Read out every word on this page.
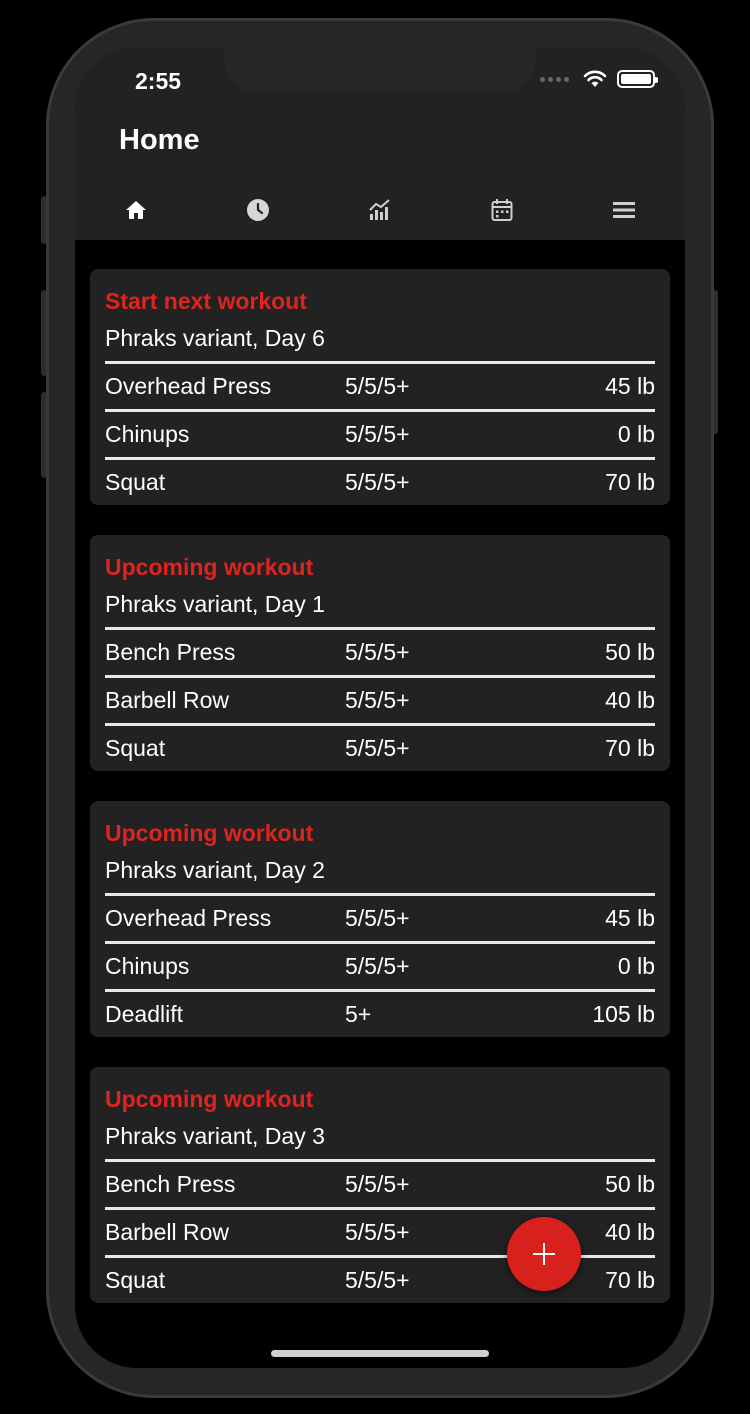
2:55
Home
Start next workout
Phraks variant, Day 6
Overhead Press	5/5/5+	45 lb
Chinups	5/5/5+	0 lb
Squat	5/5/5+	70 lb
Upcoming workout
Phraks variant, Day 1
Bench Press	5/5/5+	50 lb
Barbell Row	5/5/5+	40 lb
Squat	5/5/5+	70 lb
Upcoming workout
Phraks variant, Day 2
Overhead Press	5/5/5+	45 lb
Chinups	5/5/5+	0 lb
Deadlift	5+	105 lb
Upcoming workout
Phraks variant, Day 3
Bench Press	5/5/5+	50 lb
Barbell Row	5/5/5+	40 lb
Squat	5/5/5+	70 lb
